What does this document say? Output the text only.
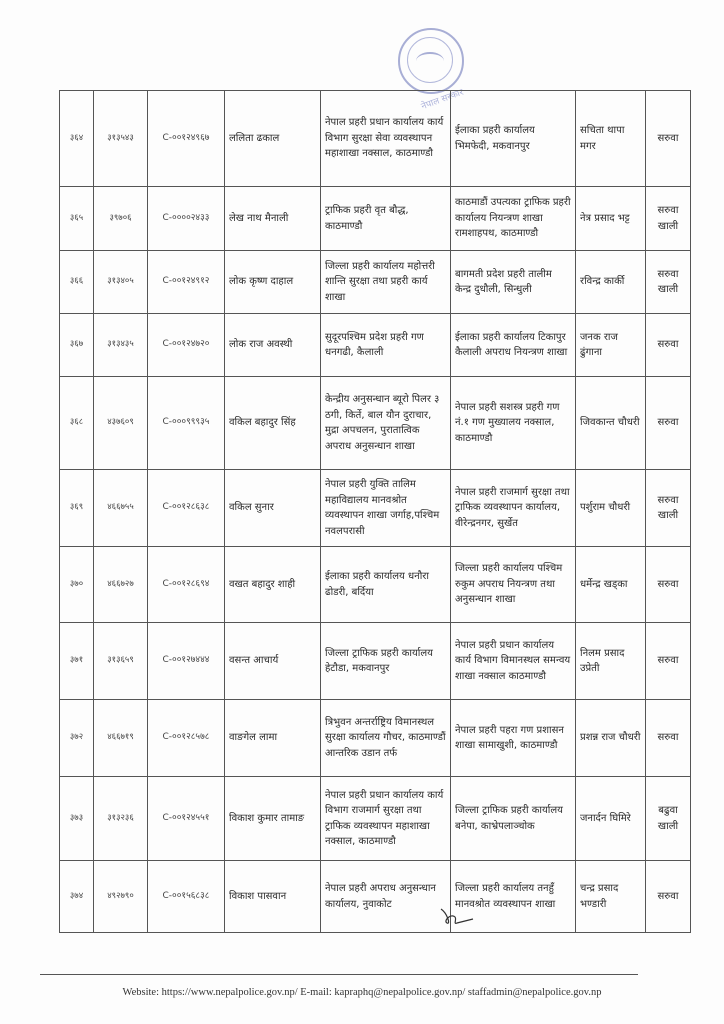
नेपाल सरकार
३६४	३१३५४३	C-००१२४९६७	ललिता ढकाल	नेपाल प्रहरी प्रधान कार्यालय कार्य विभाग सुरक्षा सेवा व्यवस्थापन महाशाखा नक्साल, काठमाण्डौ	ईलाका प्रहरी कार्यालय भिमफेदी, मकवानपुर	सचिता थापा मगर	सरुवा
३६५	३९७०६	C-००००२४३३	लेख नाथ मैनाली	ट्राफिक प्रहरी वृत बौद्ध, काठमाण्डौ	काठमाडौं उपत्यका ट्राफिक प्रहरी कार्यालय नियन्त्रण शाखा रामशाहपथ, काठमाण्डौ	नेत्र प्रसाद भट्ट	सरुवा खाली
३६६	३१३४०५	C-००१२४९१२	लोक कृष्ण दाहाल	जिल्ला प्रहरी कार्यालय महोत्तरी शान्ति सुरक्षा तथा प्रहरी कार्य शाखा	बागमती प्रदेश प्रहरी तालीम केन्द्र दुधौली, सिन्धुली	रविन्द्र कार्की	सरुवा खाली
३६७	३१३४३५	C-००१२४७२०	लोक राज अवस्थी	सुदूरपश्चिम प्रदेश प्रहरी गण धनगढी, कैलाली	ईलाका प्रहरी कार्यालय टिकापुर कैलाली अपराध नियन्त्रण शाखा	जनक राज ढुंगाना	सरुवा
३६८	४३७६०९	C-०००९९९३५	वकिल बहादुर सिंह	केन्द्रीय अनुसन्धान ब्यूरो पिलर ३ ठगी, किर्ते, बाल यौन दुराचार, मुद्रा अपचलन, पुरातात्विक अपराध अनुसन्धान शाखा	नेपाल प्रहरी सशस्त्र प्रहरी गण नं.१ गण मुख्यालय नक्साल, काठमाण्डौ	जिवकान्त चौधरी	सरुवा
३६९	४६६७५५	C-००१२८६३८	वकिल सुनार	नेपाल प्रहरी युक्ति तालिम महाविद्यालय मानवश्रोत व्यवस्थापन शाखा जर्गाह,पश्चिम नवलपरासी	नेपाल प्रहरी राजमार्ग सुरक्षा तथा ट्राफिक व्यवस्थापन कार्यालय, वीरेन्द्रनगर, सुर्खेत	पर्शुराम चौधरी	सरुवा खाली
३७०	४६६७२७	C-००१२८६९४	वखत बहादुर शाही	ईलाका प्रहरी कार्यालय धनौरा ढोडरी, बर्दिया	जिल्ला प्रहरी कार्यालय पश्चिम रुकुम अपराध नियन्त्रण तथा अनुसन्धान शाखा	धर्मेन्द्र खड्का	सरुवा
३७१	३१३६५९	C-००१२७४४४	वसन्त आचार्य	जिल्ला ट्राफिक प्रहरी कार्यालय हेटौडा, मकवानपुर	नेपाल प्रहरी प्रधान कार्यालय कार्य विभाग विमानस्थल समन्वय शाखा नक्साल काठमाण्डौ	निलम प्रसाद उप्रेती	सरुवा
३७२	४६६७१९	C-००१२८५७८	वाङगेल लामा	त्रिभुवन अन्तर्राष्ट्रिय विमानस्थल सुरक्षा कार्यालय गौचर, काठमाण्डौं आन्तरिक उडान तर्फ	नेपाल प्रहरी पहरा गण प्रशासन शाखा सामाखुशी, काठमाण्डौ	प्रशन्न राज चौधरी	सरुवा
३७३	३१३२३६	C-००१२४५५१	विकाश कुमार तामाङ	नेपाल प्रहरी प्रधान कार्यालय कार्य विभाग राजमार्ग सुरक्षा तथा ट्राफिक व्यवस्थापन महाशाखा नक्साल, काठमाण्डौ	जिल्ला ट्राफिक प्रहरी कार्यालय बनेपा, काभ्रेपलाञ्चोक	जनार्दन घिमिरे	बढुवा खाली
३७४	४९२७९०	C-००१५६८३८	विकाश पासवान	नेपाल प्रहरी अपराध अनुसन्धान कार्यालय, नुवाकोट	जिल्ला प्रहरी कार्यालय तनहुँ मानवश्रोत व्यवस्थापन शाखा	चन्द्र प्रसाद भण्डारी	सरुवा
Website: https://www.nepalpolice.gov.np/ E-mail: kapraphq@nepalpolice.gov.np/ staffadmin@nepalpolice.gov.np
